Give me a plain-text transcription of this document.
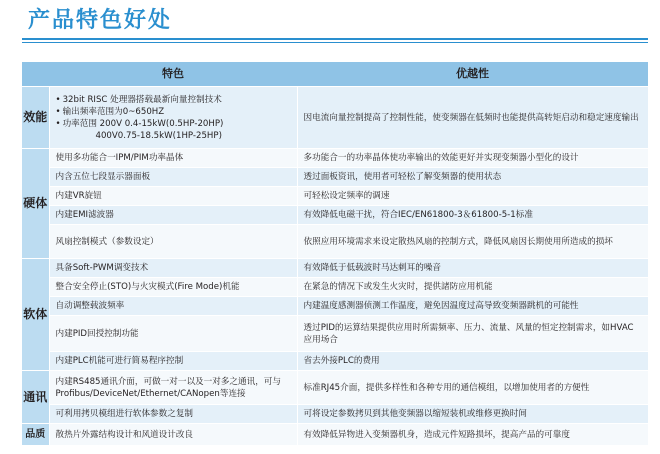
产品特色好处
	特色	优越性
效能	• 32bit RISC 处理器搭载最新向量控制技术
• 输出频率范围为0~650HZ
• 功率范围 200V 0.4-15kW(0.5HP-20HP)
400V0.75-18.5kW(1HP-25HP)	因电流向量控制提高了控制性能，使变频器在低频时也能提供高转矩启动和稳定速度输出
硬体	使用多功能合一IPM/PIM功率晶体	多功能合一的功率晶体使功率输出的效能更好并实现变频器小型化的设计
	内含五位七段显示器面板	透过面板资讯，使用者可轻松了解变频器的使用状态
	内建VR旋钮	可轻松设定频率的调速
	内建EMI滤波器	有效降低电磁干扰，符合IEC/EN61800-3＆61800-5-1标准
	风扇控制模式（参数设定）	依照应用环境需求来设定散热风扇的控制方式，降低风扇因长期使用所造成的损坏
软体	具备Soft-PWM调变技术	有效降低于低载波时马达刺耳的噪音
	整合安全停止(STO)与火灾模式(Fire Mode)机能	在紧急的情况下或发生火灾时，提供諸防应用机能
	自动调整载波频率	内建温度感测器侦测工作温度，避免因温度过高导致变频器跳机的可能性
	内建PID回授控制功能	透过PID的运算结果提供应用时所需频率、压力、流量、风量的恒定控制需求，如HVAC应用场合
	内建PLC机能可进行简易程序控制	省去外接PLC的费用
通讯	内建RS485通讯介面，可做一对一以及一对多之通讯，可与Profibus/DeviceNet/Ethernet/CANopen等连接	标准RJ45介面，提供多样性和各种专用的通信模组，以增加使用者的方便性
	可利用拷贝模组进行软体参数之复制	可将设定参数拷贝到其他变频器以缩短装机或维修更换时间
品质	散热片外露结构设计和风道设计改良	有效降低异物进入变频器机身，造成元件短路损坏，提高产品的可靠度
